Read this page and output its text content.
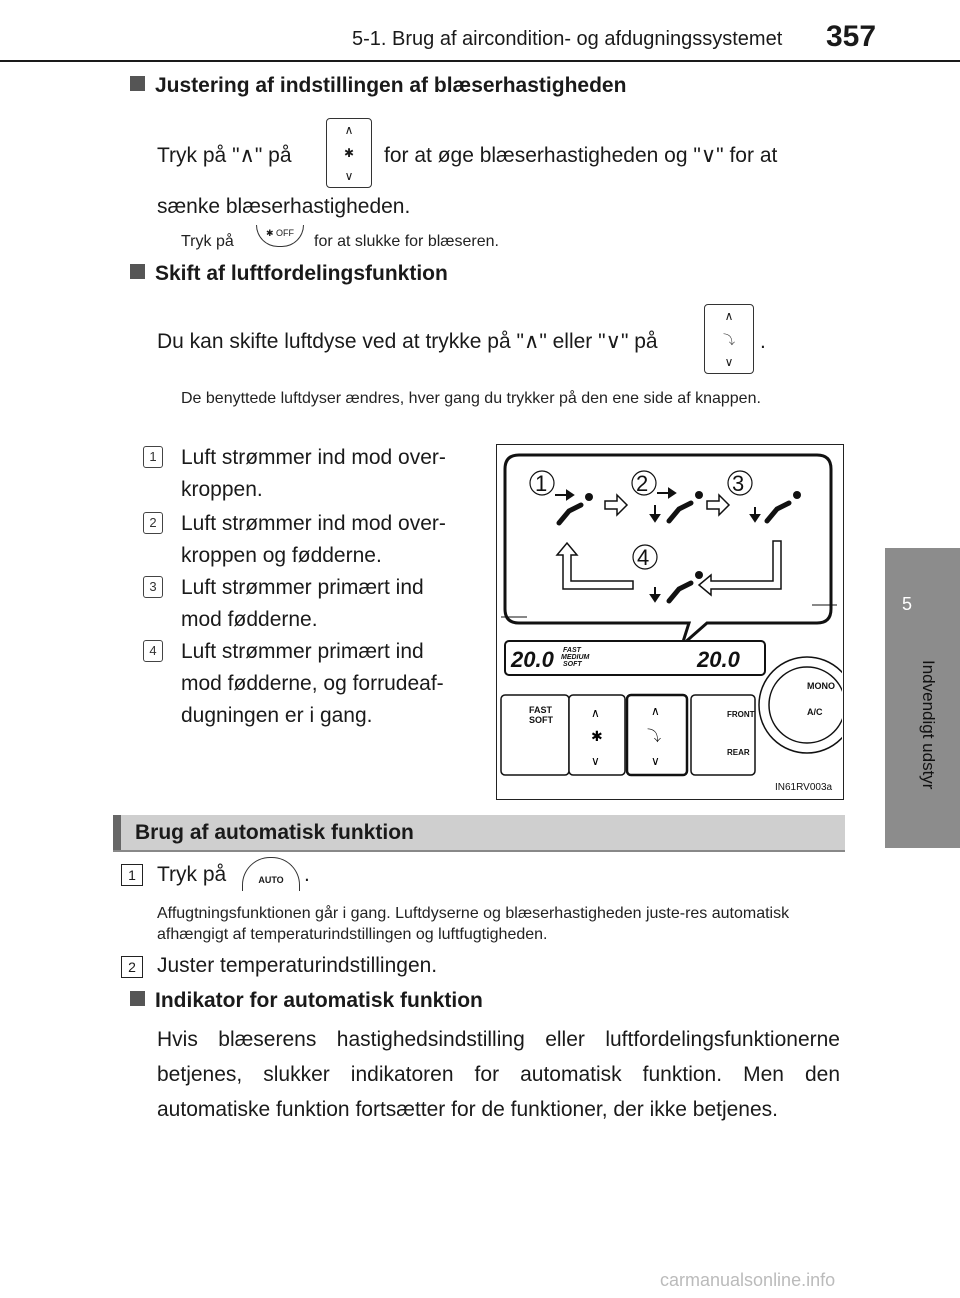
5-1. Brug af aircondition- og afdugningssystemet 357
5
Indvendigt udstyr
Justering af indstillingen af blæserhastigheden
Tryk på "∧" på
∧
✱
∨
for at øge blæserhastigheden og "∨" for at
sænke blæserhastigheden.
Tryk på	✱ OFF	for at slukke for blæseren.
Skift af luftfordelingsfunktion
Du kan skifte luftdyse ved at trykke på "∧" eller "∨" på
∧
⤵
∨
.
De benyttede luftdyser ændres, hver gang du trykker på den ene side af knappen.
1	Luft strømmer ind mod over-
kroppen.
2	Luft strømmer ind mod over-
kroppen og fødderne.
3	Luft strømmer primært ind
mod fødderne.
4	Luft strømmer primært ind
mod fødderne, og forrudeaf-
dugningen er i gang.
1	2	3
4
20.0 FAST
MEDIUM
SOFT	20.0
FAST
SOFT	∧
✱
∨
∧
⤵
∨
FRONT
REAR
MONO
A/C
IN61RV003a
Brug af automatisk funktion
1	Tryk på	AUTO .
Affugtningsfunktionen går i gang. Luftdyserne og blæserhastigheden juste-res automatisk afhængigt af temperaturindstillingen og luftfugtigheden.
2	Juster temperaturindstillingen.
Indikator for automatisk funktion
Hvis blæserens hastighedsindstilling eller luftfordelingsfunktionerne betjenes, slukker indikatoren for automatisk funktion. Men den automatiske funktion fortsætter for de funktioner, der ikke betjenes.
carmanualsonline.info
